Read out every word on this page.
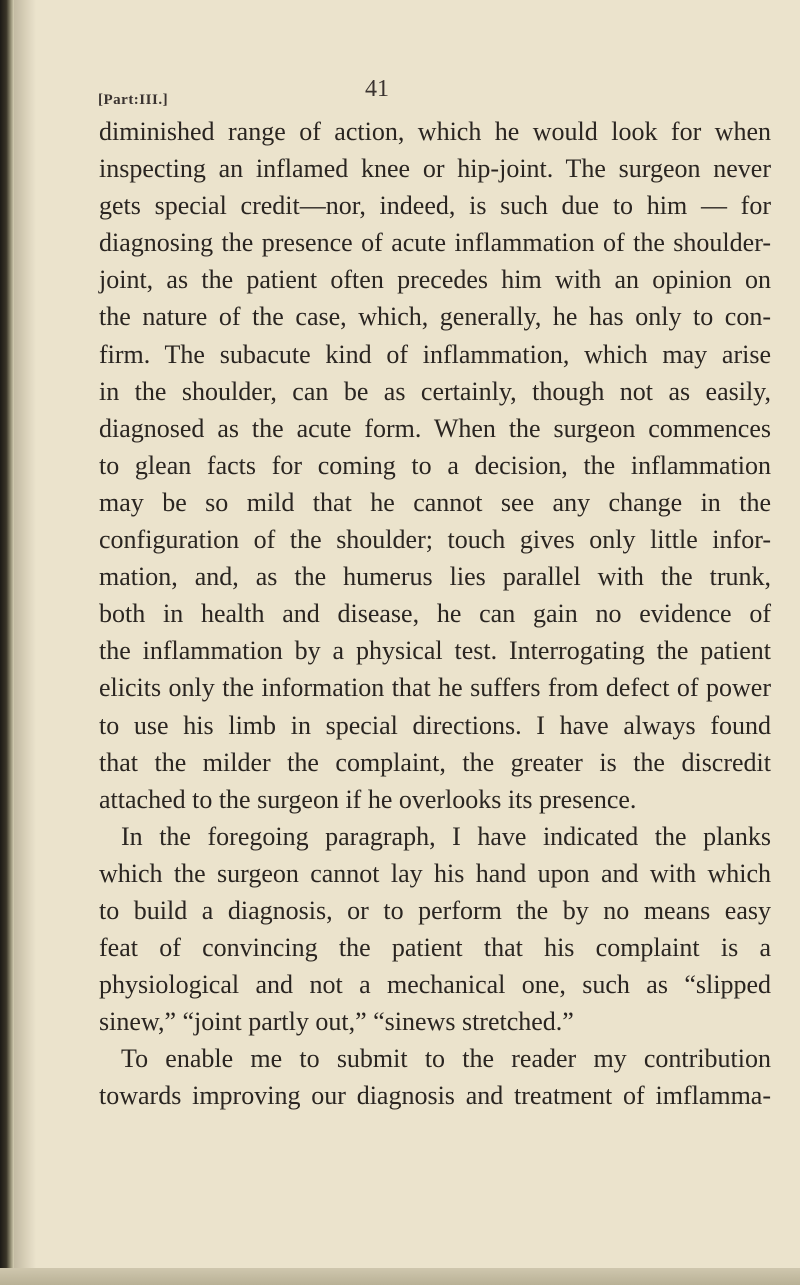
[Part:III.]	41
diminished range of action, which he would look for when
inspecting an inflamed knee or hip-joint. The surgeon never
gets special credit—nor, indeed, is such due to him — for
diagnosing the presence of acute inflammation of the shoulder-
joint, as the patient often precedes him with an opinion on
the nature of the case, which, generally, he has only to con-
firm. The subacute kind of inflammation, which may arise
in the shoulder, can be as certainly, though not as easily,
diagnosed as the acute form. When the surgeon commences
to glean facts for coming to a decision, the inflammation
may be so mild that he cannot see any change in the
configuration of the shoulder; touch gives only little infor-
mation, and, as the humerus lies parallel with the trunk,
both in health and disease, he can gain no evidence of
the inflammation by a physical test. Interrogating the patient
elicits only the information that he suffers from defect of power
to use his limb in special directions. I have always found
that the milder the complaint, the greater is the discredit
attached to the surgeon if he overlooks its presence.
In the foregoing paragraph, I have indicated the planks
which the surgeon cannot lay his hand upon and with which
to build a diagnosis, or to perform the by no means easy
feat of convincing the patient that his complaint is a
physiological and not a mechanical one, such as “slipped
sinew,” “joint partly out,” “sinews stretched.”
To enable me to submit to the reader my contribution
towards improving our diagnosis and treatment of imflamma-
